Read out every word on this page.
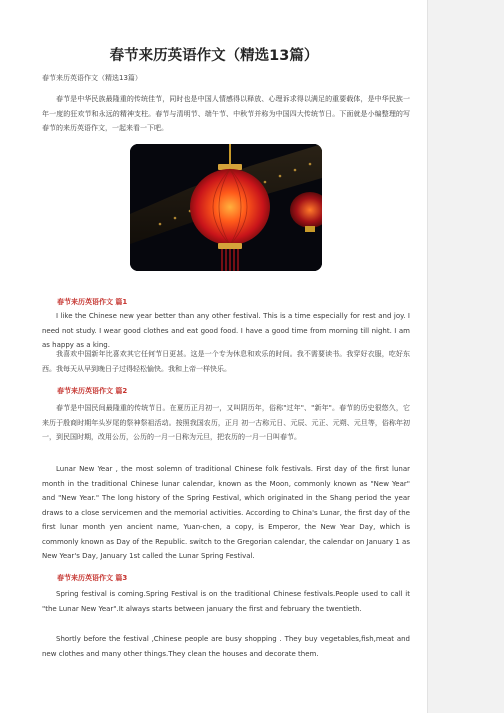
春节来历英语作文（精选13篇）
春节来历英语作文（精选13篇）

春节是中华民族最隆重的传统佳节，同时也是中国人情感得以释放、心理诉求得以满足的重要载体，是中华民族一年一度的狂欢节和永远的精神支柱。春节与清明节、端午节、中秋节并称为中国四大传统节日。下面就是小编整理的写春节的来历英语作文，一起来看一下吧。

春节来历英语作文 篇1

I like the Chinese new year better than any other festival. This is a time especially for rest and joy. I need not study. I wear good clothes and eat good food. I have a good time from morning till night. I am as happy as a king.

我喜欢中国新年比喜欢其它任何节日更甚。这是一个专为休息和欢乐的时间。我不需要读书。我穿好衣服，吃好东西。我每天从早到晚日子过得轻松愉快。我和上帝一样快乐。

春节来历英语作文 篇2

春节是中国民间最隆重的传统节日。在夏历正月初一，又叫阴历年，俗称"过年"、"新年"。春节的历史很悠久，它来历于殷商时期年头岁尾的祭神祭祖活动。按照我国农历，正月 初一古称元日、元辰、元正、元朔、元旦等，俗称年初一，到民国时期，改用公历，公历的一月一日称为元旦，把农历的一月一日叫春节。

Lunar New Year , the most solemn of traditional Chinese folk festivals. First day of the first lunar month in the traditional Chinese lunar calendar, known as the Moon, commonly known as "New Year" and "New Year." The long history of the Spring Festival, which originated in the Shang period the year draws to a close servicemen and the memorial activities. According to China's Lunar, the first day of the first lunar month yen ancient name, Yuan-chen, a copy, is Emperor, the New Year Day, which is commonly known as Day of the Republic. switch to the Gregorian calendar, the calendar on January 1 as New Year's Day, January 1st called the Lunar Spring Festival.

春节来历英语作文 篇3

Spring festival is coming.Spring Festival is on the traditional Chinese festivals.People used to call it "the Lunar New Year".It always starts between january the first and february the twentieth.

Shortly before the festival ,Chinese people are busy shopping . They buy vegetables,fish,meat and new clothes and many other things.They clean the houses and decorate them.
